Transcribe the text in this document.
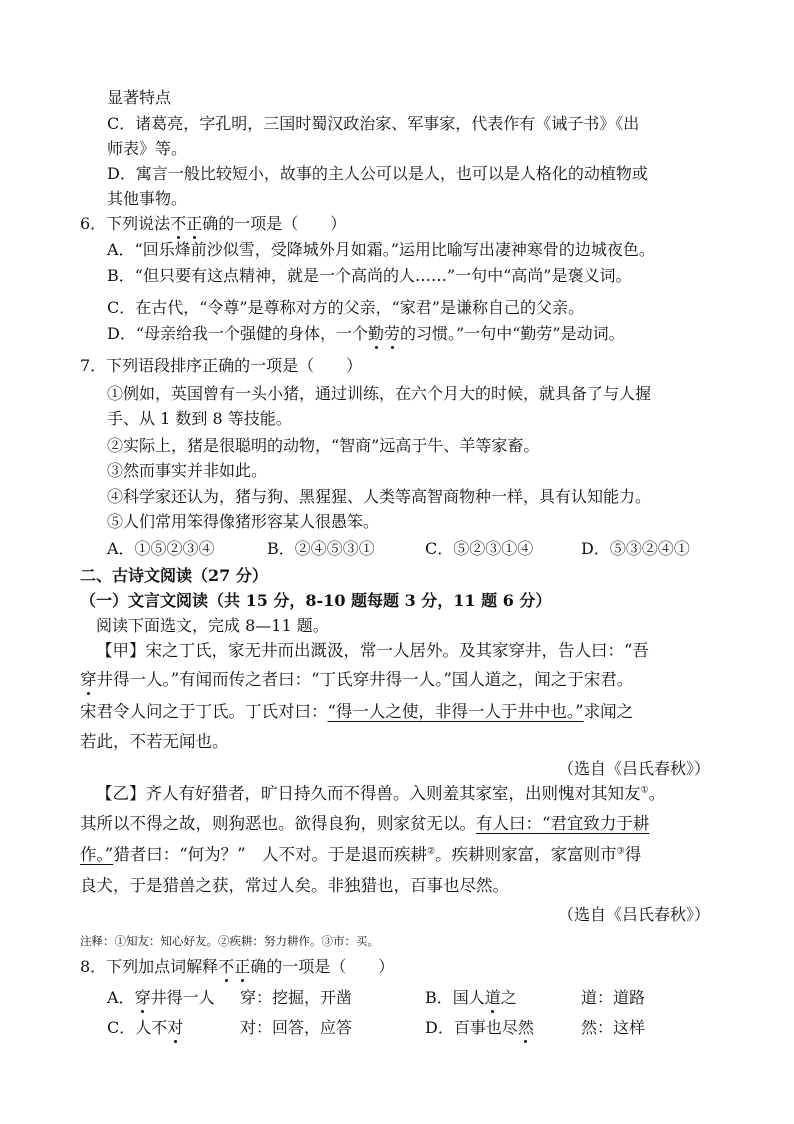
显著特点
C．诸葛亮，字孔明，三国时蜀汉政治家、军事家，代表作有《诫子书》《出
师表》等。
D．寓言一般比较短小，故事的主人公可以是人，也可以是人格化的动植物或
其他事物。
6．下列说法不正确的一项是（　　）
A．“回乐烽前沙似雪，受降城外月如霜。”运用比喻写出凄神寒骨的边城夜色。
B．“但只要有这点精神，就是一个高尚的人……”一句中“高尚”是褒义词。
C．在古代，“令尊”是尊称对方的父亲，“家君”是谦称自己的父亲。
D．“母亲给我一个强健的身体，一个勤劳的习惯。”一句中“勤劳”是动词。
7．下列语段排序正确的一项是（　　）
①例如，英国曾有一头小猪，通过训练，在六个月大的时候，就具备了与人握
手、从 1 数到 8 等技能。
②实际上，猪是很聪明的动物，“智商”远高于牛、羊等家畜。
③然而事实并非如此。
④科学家还认为，猪与狗、黑猩猩、人类等高智商物种一样，具有认知能力。
⑤人们常用笨得像猪形容某人很愚笨。
A．①⑤②③④	B．②④⑤③①	C．⑤②③①④	D．⑤③②④①
二、古诗文阅读（27 分）
（一）文言文阅读（共 15 分，8-10 题每题 3 分，11 题 6 分）
阅读下面选文，完成 8—11 题。
【甲】宋之丁氏，家无井而出溉汲，常一人居外。及其家穿井，告人曰：“吾
穿井得一人。”有闻而传之者曰：“丁氏穿井得一人。”国人道之，闻之于宋君。
宋君令人问之于丁氏。丁氏对曰：“得一人之使，非得一人于井中也。”求闻之
若此，不若无闻也。
（选自《吕氏春秋》）
【乙】齐人有好猎者，旷日持久而不得兽。入则羞其家室，出则愧对其知友①。
其所以不得之故，则狗恶也。欲得良狗，则家贫无以。有人曰：“君宜致力于耕
作。”猎者曰：“何为？”　人不对。于是退而疾耕②。疾耕则家富，家富则市③得
良犬，于是猎兽之获，常过人矣。非独猎也，百事也尽然。
（选自《吕氏春秋》）
注释：①知友：知心好友。②疾耕：努力耕作。③市：买。
8．下列加点词解释不正确的一项是（　　）
A．穿井得一人 穿：挖掘，开凿	B．国人道之	道：道路
C．人不对	对：回答，应答	D．百事也尽然	然：这样
